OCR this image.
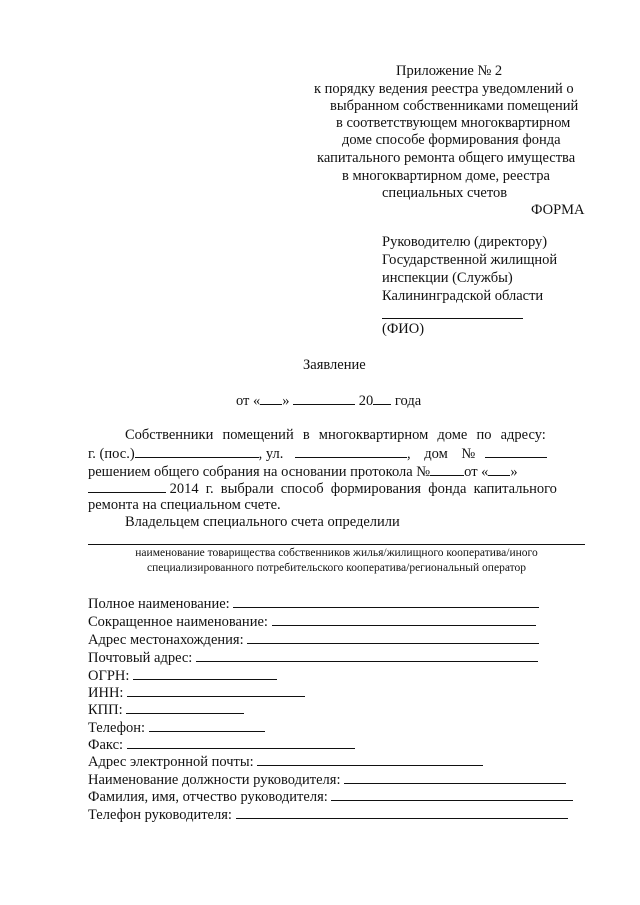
Приложение № 2
к порядку ведения реестра уведомлений о
выбранном собственниками помещений
в соответствующем многоквартирном
доме способе формирования фонда
капитального ремонта общего имущества
в многоквартирном доме, реестра
специальных счетов
ФОРМА
Руководителю (директору)
Государственной жилищной
инспекции (Службы)
Калининградской области
(ФИО)
Заявление
от « »	20 года
Собственники помещений в многоквартирном доме по адресу:
г. (пос.)	, ул.	, дом №
решением общего собрания на основании протокола № от « »
2014 г. выбрали способ формирования фонда капитального
ремонта на специальном счете.
Владельцем специального счета определили
наименование товарищества собственников жилья/жилищного кооператива/иного
специализированного потребительского кооператива/региональный оператор
Полное наименование:
Сокращенное наименование:
Адрес местонахождения:
Почтовый адрес:
ОГРН:
ИНН:
КПП:
Телефон:
Факс:
Адрес электронной почты:
Наименование должности руководителя:
Фамилия, имя, отчество руководителя:
Телефон руководителя:
